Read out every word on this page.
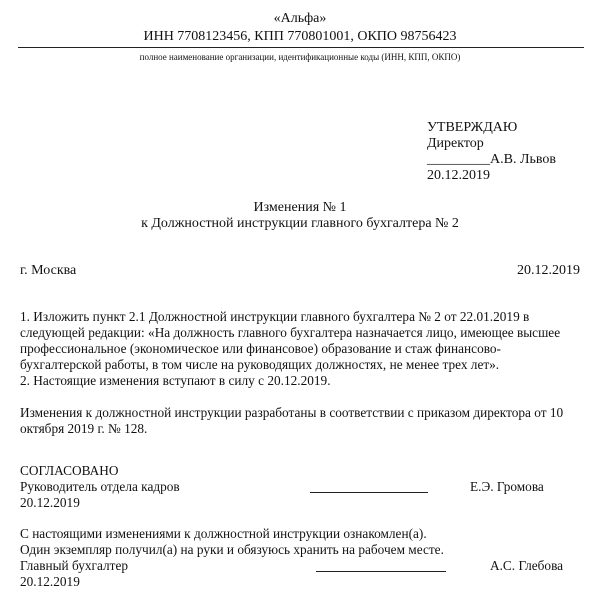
«Альфа»
ИНН 7708123456, КПП 770801001, ОКПО 98756423
полное наименование организации, идентификационные коды (ИНН, КПП, ОКПО)
УТВЕРЖДАЮ
Директор
_________А.В. Львов
20.12.2019
Изменения № 1
к Должностной инструкции главного бухгалтера № 2
г. Москва	20.12.2019
1. Изложить пункт 2.1 Должностной инструкции главного бухгалтера № 2 от 22.01.2019 в
следующей редакции: «На должность главного бухгалтера назначается лицо, имеющее высшее
профессиональное (экономическое или финансовое) образование и стаж финансово-
бухгалтерской работы, в том числе на руководящих должностях, не менее трех лет».
2. Настоящие изменения вступают в силу с 20.12.2019.
Изменения к должностной инструкции разработаны в соответствии с приказом директора от 10
октября 2019 г. № 128.
СОГЛАСОВАНО
Руководитель отдела кадров	Е.Э. Громова
20.12.2019
С настоящими изменениями к должностной инструкции ознакомлен(а).
Один экземпляр получил(а) на руки и обязуюсь хранить на рабочем месте.
Главный бухгалтер	А.С. Глебова
20.12.2019
